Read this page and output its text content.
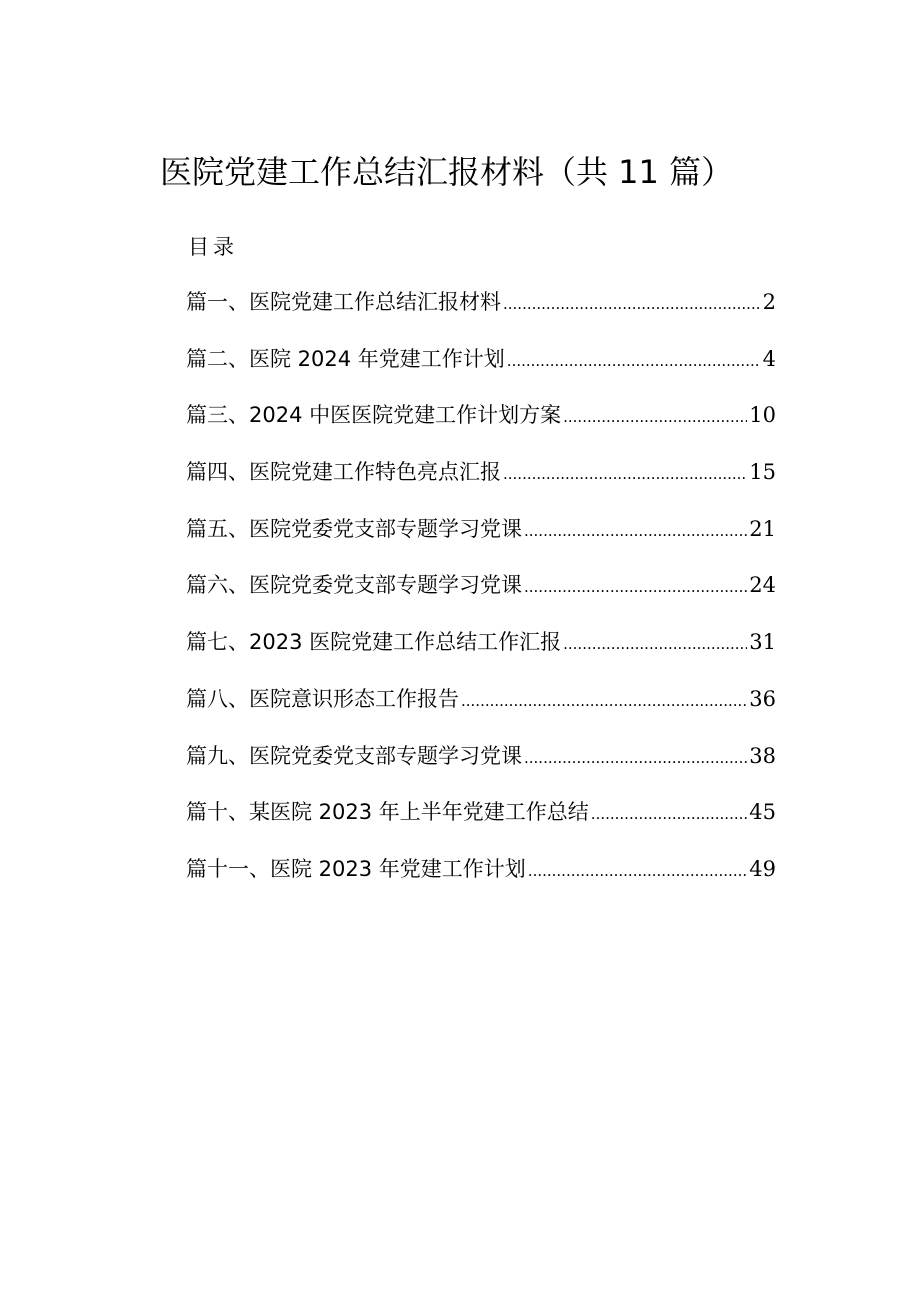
医院党建工作总结汇报材料（共 11 篇）
目录
篇一、医院党建工作总结汇报材料 .....	2
篇二、医院 2024 年党建工作计划 .....	4
篇三、2024 中医医院党建工作计划方案 .....	10
篇四、医院党建工作特色亮点汇报 .....	15
篇五、医院党委党支部专题学习党课 .....	21
篇六、医院党委党支部专题学习党课 .....	24
篇七、2023 医院党建工作总结工作汇报 .....	31
篇八、医院意识形态工作报告 .....	36
篇九、医院党委党支部专题学习党课 .....	38
篇十、某医院 2023 年上半年党建工作总结 .....	45
篇十一、医院 2023 年党建工作计划 .....	49
